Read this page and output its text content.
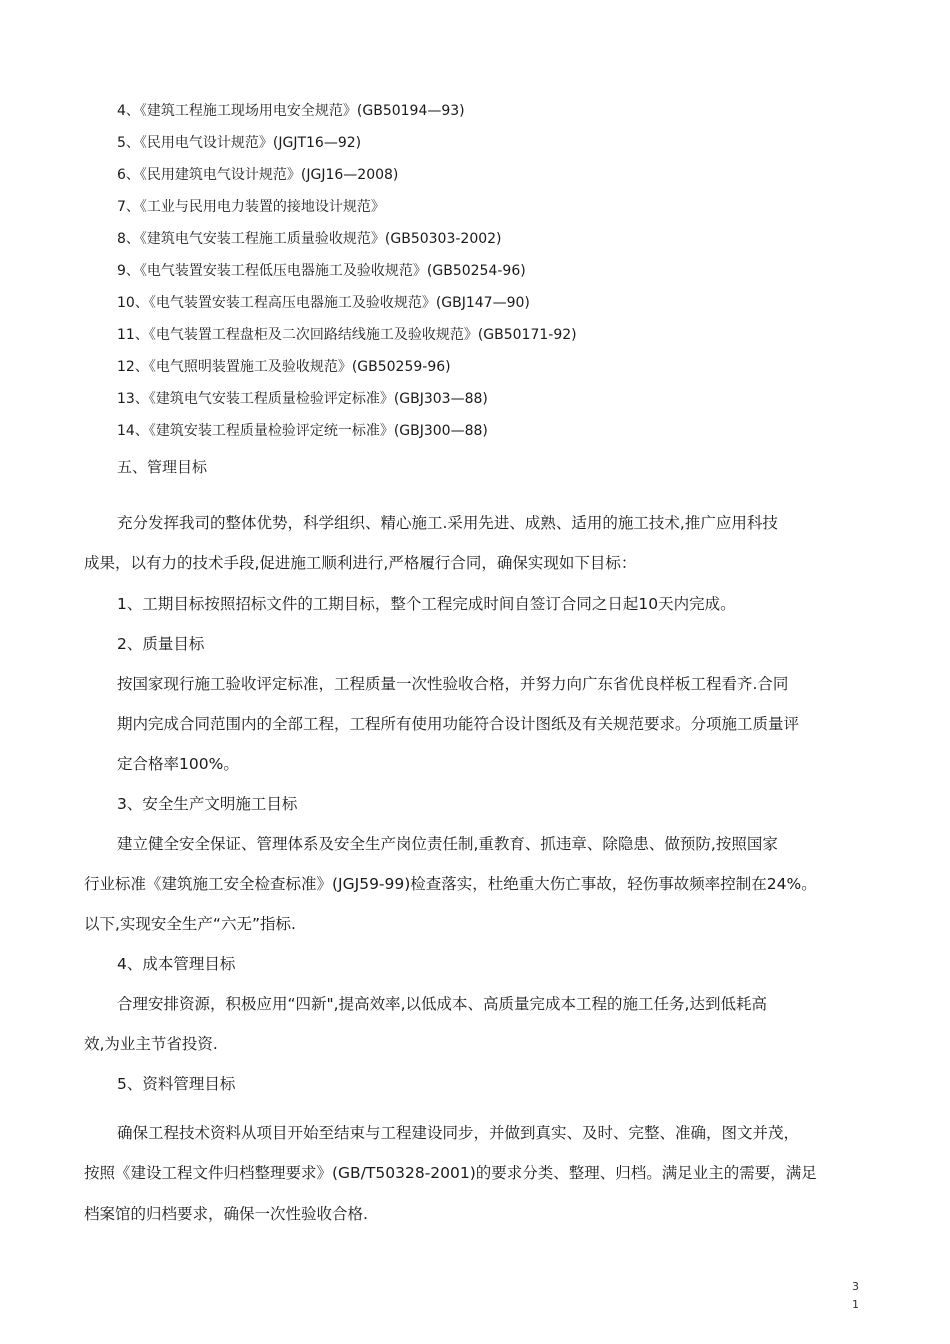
4、《建筑工程施工现场用电安全规范》(GB50194—93)
5、《民用电气设计规范》(JGJT16—92)
6、《民用建筑电气设计规范》(JGJ16—2008)
7、《工业与民用电力装置的接地设计规范》
8、《建筑电气安装工程施工质量验收规范》(GB50303-2002)
9、《电气装置安装工程低压电器施工及验收规范》(GB50254-96)
10、《电气装置安装工程高压电器施工及验收规范》(GBJ147—90)
11、《电气装置工程盘柜及二次回路结线施工及验收规范》(GB50171-92)
12、《电气照明装置施工及验收规范》(GB50259-96)
13、《建筑电气安装工程质量检验评定标准》(GBJ303—88)
14、《建筑安装工程质量检验评定统一标准》(GBJ300—88)
五、管理目标
充分发挥我司的整体优势，科学组织、精心施工.采用先进、成熟、适用的施工技术,推广应用科技
成果，以有力的技术手段,促进施工顺利进行,严格履行合同，确保实现如下目标：
1、工期目标按照招标文件的工期目标，整个工程完成时间自签订合同之日起10天内完成。
2、质量目标
按国家现行施工验收评定标准，工程质量一次性验收合格，并努力向广东省优良样板工程看齐.合同
期内完成合同范围内的全部工程，工程所有使用功能符合设计图纸及有关规范要求。分项施工质量评
定合格率100%。
3、安全生产文明施工目标
建立健全安全保证、管理体系及安全生产岗位责任制,重教育、抓违章、除隐患、做预防,按照国家
行业标准《建筑施工安全检查标准》(JGJ59-99)检查落实，杜绝重大伤亡事故，轻伤事故频率控制在24%。
以下,实现安全生产“六无”指标.
4、成本管理目标
合理安排资源，积极应用“四新",提高效率,以低成本、高质量完成本工程的施工任务,达到低耗高
效,为业主节省投资.
5、资料管理目标
确保工程技术资料从项目开始至结束与工程建设同步，并做到真实、及时、完整、准确，图文并茂，
按照《建设工程文件归档整理要求》(GB/T50328-2001)的要求分类、整理、归档。满足业主的需要，满足
档案馆的归档要求，确保一次性验收合格.
3
1
